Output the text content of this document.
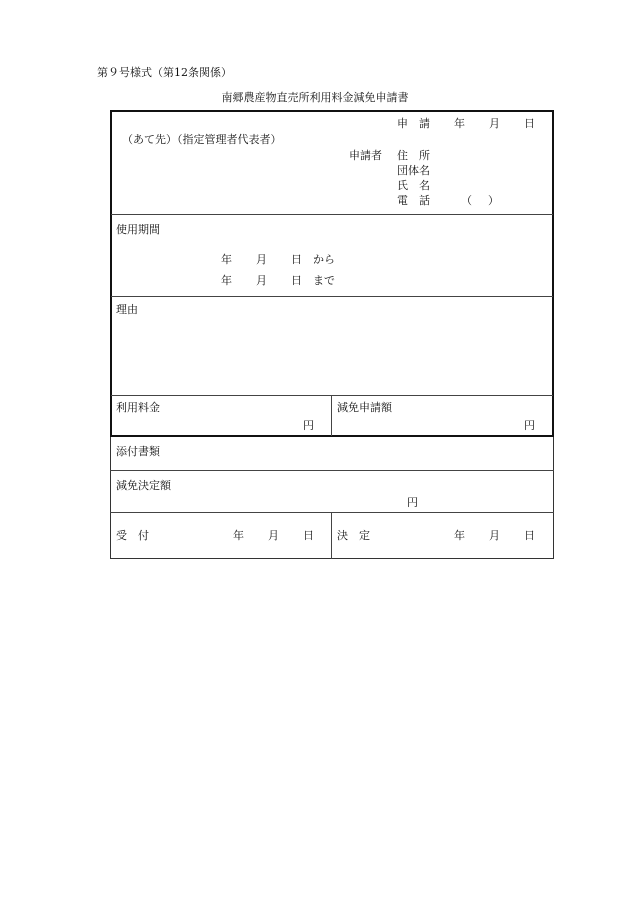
第９号様式（第12条関係）
南郷農産物直売所利用料金減免申請書
申　請 年 月 日
（あて先）（指定管理者代表者）
申請者 住　所
団体名
氏　名
電　話	（ ）
使用期間
年 月 日 から
年 月 日 まで
理由
利用料金
円
減免申請額
円
添付書類
減免決定額
円
受　付	年 月 日 決　定	年 月 日
